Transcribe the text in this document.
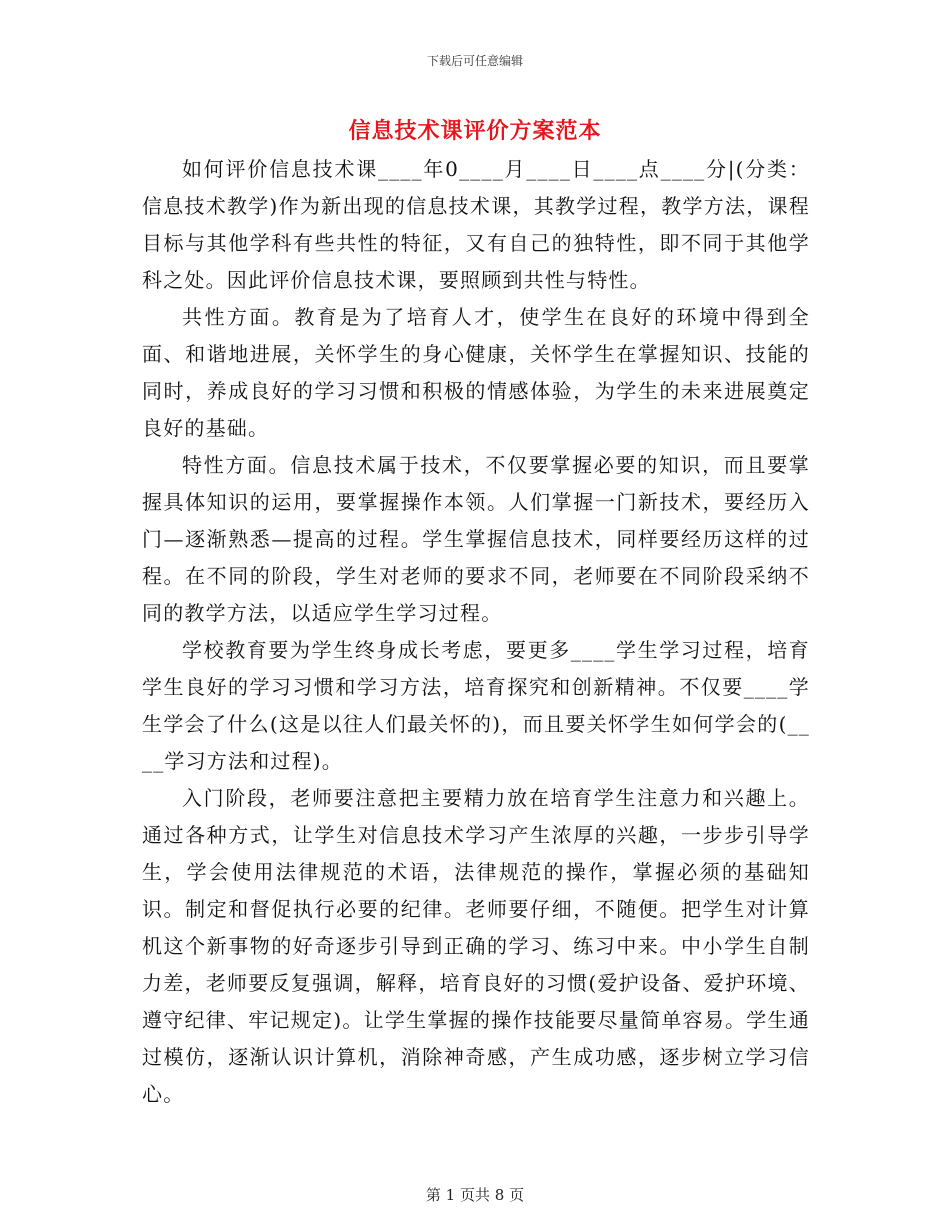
下载后可任意编辑
信息技术课评价方案范本

如何评价信息技术课____年0____月____日____点____分|(分类：信息技术教学)作为新出现的信息技术课，其教学过程，教学方法，课程目标与其他学科有些共性的特征，又有自己的独特性，即不同于其他学科之处。因此评价信息技术课，要照顾到共性与特性。

共性方面。教育是为了培育人才，使学生在良好的环境中得到全面、和谐地进展，关怀学生的身心健康，关怀学生在掌握知识、技能的同时，养成良好的学习习惯和积极的情感体验，为学生的未来进展奠定良好的基础。

特性方面。信息技术属于技术，不仅要掌握必要的知识，而且要掌握具体知识的运用，要掌握操作本领。人们掌握一门新技术，要经历入门—逐渐熟悉—提高的过程。学生掌握信息技术，同样要经历这样的过程。在不同的阶段，学生对老师的要求不同，老师要在不同阶段采纳不同的教学方法，以适应学生学习过程。

学校教育要为学生终身成长考虑，要更多____学生学习过程，培育学生良好的学习习惯和学习方法，培育探究和创新精神。不仅要____学生学会了什么(这是以往人们最关怀的)，而且要关怀学生如何学会的(____学习方法和过程)。

入门阶段，老师要注意把主要精力放在培育学生注意力和兴趣上。通过各种方式，让学生对信息技术学习产生浓厚的兴趣，一步步引导学生，学会使用法律规范的术语，法律规范的操作，掌握必须的基础知识。制定和督促执行必要的纪律。老师要仔细，不随便。把学生对计算机这个新事物的好奇逐步引导到正确的学习、练习中来。中小学生自制力差，老师要反复强调，解释，培育良好的习惯(爱护设备、爱护环境、遵守纪律、牢记规定)。让学生掌握的操作技能要尽量简单容易。学生通过模仿，逐渐认识计算机，消除神奇感，产生成功感，逐步树立学习信心。

第 1 页共 8 页
